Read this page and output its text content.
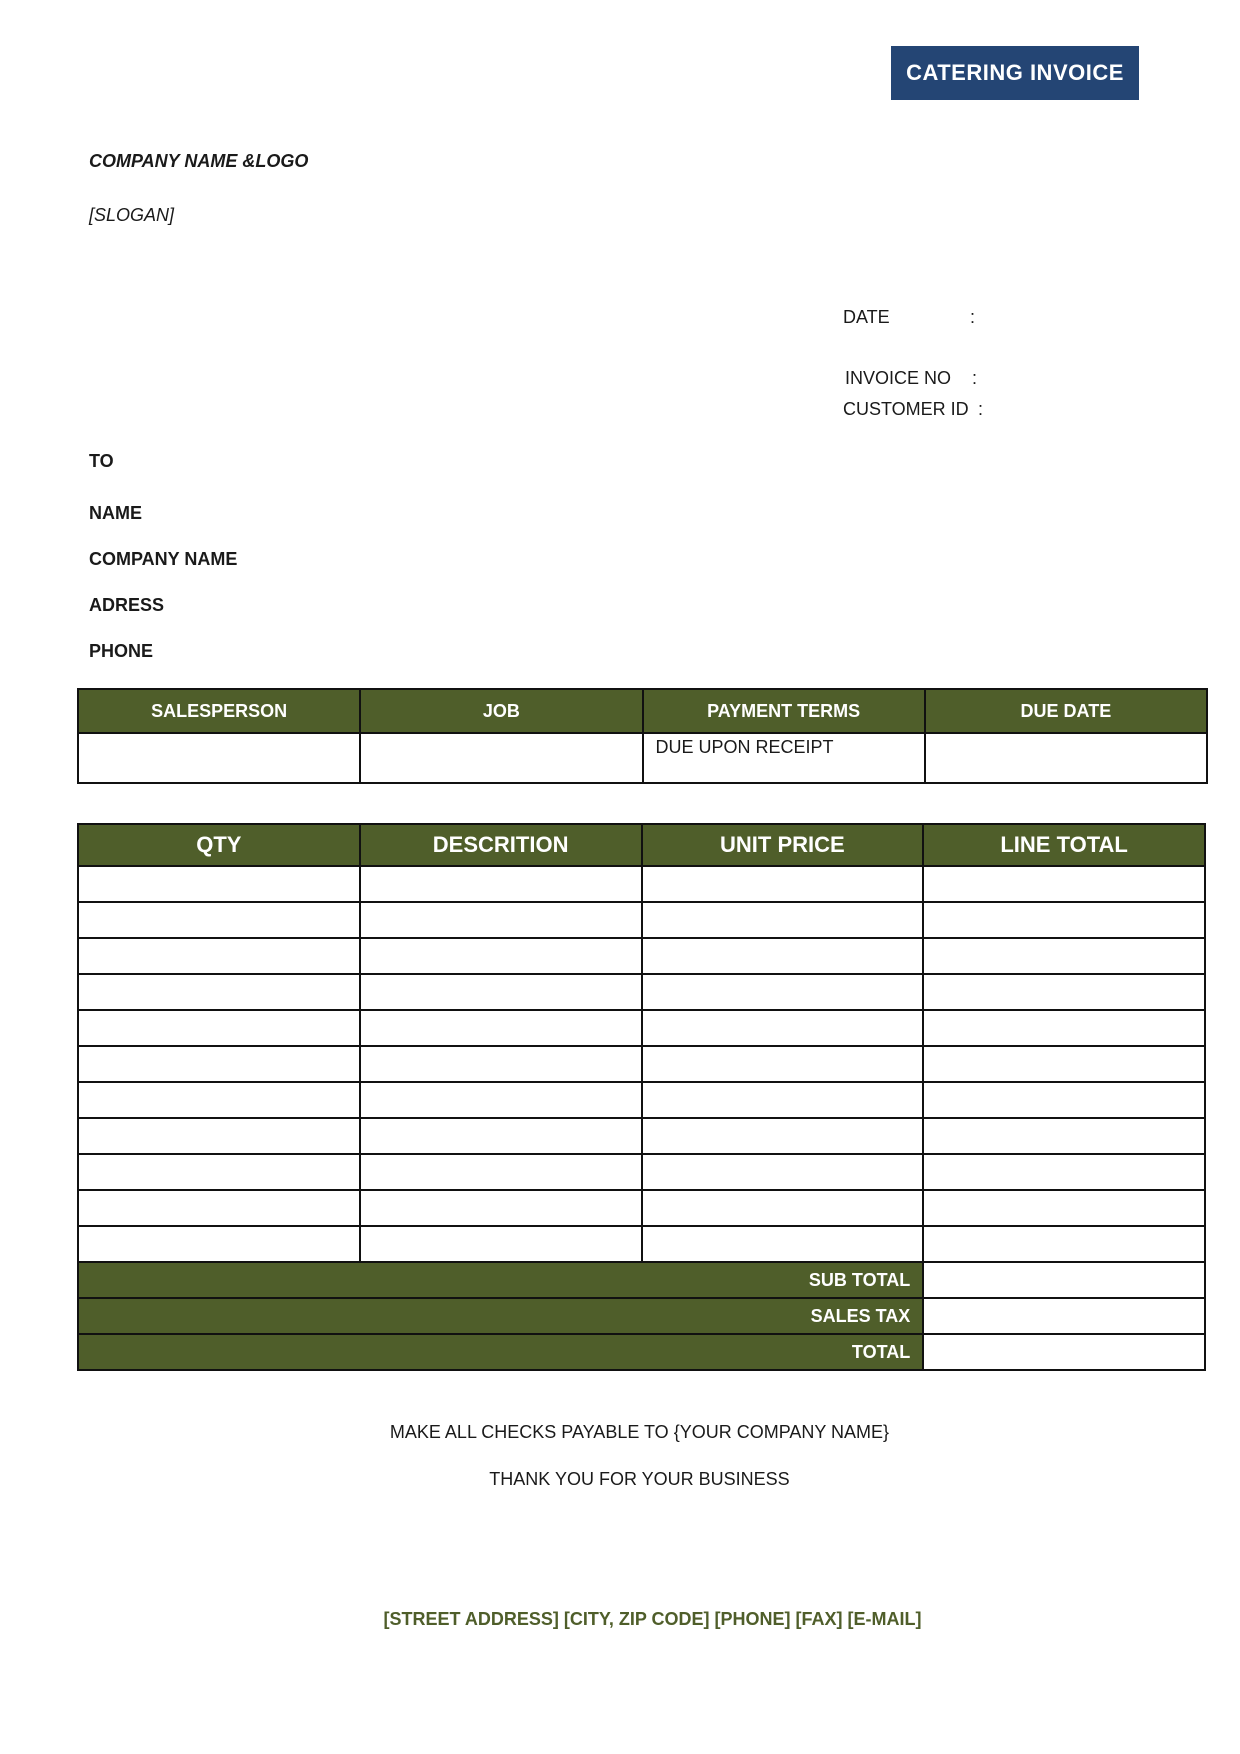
CATERING INVOICE
COMPANY NAME &LOGO
[SLOGAN]
DATE	:
INVOICE NO :
CUSTOMER ID :
TO
NAME
COMPANY NAME
ADRESS
PHONE
SALESPERSON	JOB	PAYMENT TERMS	DUE DATE
		DUE UPON RECEIPT	
QTY	DESCRITION	UNIT PRICE	LINE TOTAL

SUB TOTAL			
SALES TAX			
TOTAL			
MAKE ALL CHECKS PAYABLE TO {YOUR COMPANY NAME}
THANK YOU FOR YOUR BUSINESS
[STREET ADDRESS] [CITY, ZIP CODE] [PHONE] [FAX] [E-MAIL]
